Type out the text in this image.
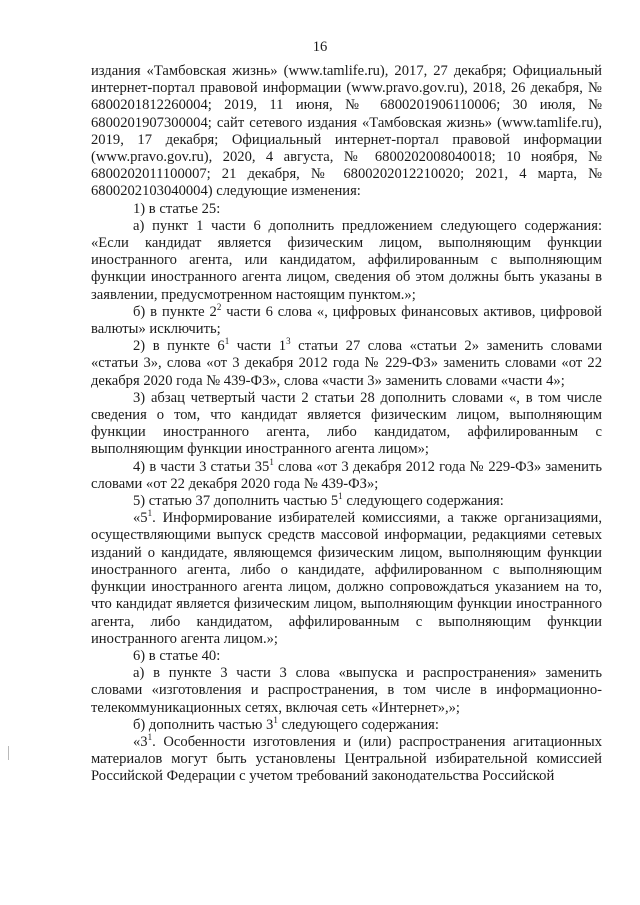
16

издания «Тамбовская жизнь» (www.tamlife.ru), 2017, 27 декабря; Официальный интернет-портал правовой информации (www.pravo.gov.ru), 2018, 26 декабря, № 6800201812260004; 2019, 11 июня, № 6800201906110006; 30 июля, № 6800201907300004; сайт сетевого издания «Тамбовская жизнь» (www.tamlife.ru), 2019, 17 декабря; Официальный интернет-портал правовой информации (www.pravo.gov.ru), 2020, 4 августа, № 6800202008040018; 10 ноября, № 6800202011100007; 21 декабря, № 6800202012210020; 2021, 4 марта, № 6800202103040004) следующие изменения:

1) в статье 25:

а) пункт 1 части 6 дополнить предложением следующего содержания: «Если кандидат является физическим лицом, выполняющим функции иностранного агента, или кандидатом, аффилированным с выполняющим функции иностранного агента лицом, сведения об этом должны быть указаны в заявлении, предусмотренном настоящим пунктом.»;

б) в пункте $2^2$ части 6 слова «, цифровых финансовых активов, цифровой валюты» исключить;

2) в пункте $6^1$ части $1^3$ статьи 27 слова «статьи 2» заменить словами «статьи 3», слова «от 3 декабря 2012 года № 229-ФЗ» заменить словами «от 22 декабря 2020 года № 439-ФЗ», слова «части 3» заменить словами «части 4»;

3) абзац четвертый части 2 статьи 28 дополнить словами «, в том числе сведения о том, что кандидат является физическим лицом, выполняющим функции иностранного агента, либо кандидатом, аффилированным с выполняющим функции иностранного агента лицом»;

4) в части 3 статьи $35^1$ слова «от 3 декабря 2012 года № 229-ФЗ» заменить словами «от 22 декабря 2020 года № 439-ФЗ»;

5) статью 37 дополнить частью $5^1$ следующего содержания:

«$5^1$. Информирование избирателей комиссиями, а также организациями, осуществляющими выпуск средств массовой информации, редакциями сетевых изданий о кандидате, являющемся физическим лицом, выполняющим функции иностранного агента, либо о кандидате, аффилированном с выполняющим функции иностранного агента лицом, должно сопровождаться указанием на то, что кандидат является физическим лицом, выполняющим функции иностранного агента, либо кандидатом, аффилированным с выполняющим функции иностранного агента лицом.»;

6) в статье 40:

а) в пункте 3 части 3 слова «выпуска и распространения» заменить словами «изготовления и распространения, в том числе в информационно-телекоммуникационных сетях, включая сеть «Интернет»,»;

б) дополнить частью $3^1$ следующего содержания:

«$3^1$. Особенности изготовления и (или) распространения агитационных материалов могут быть установлены Центральной избирательной комиссией Российской Федерации с учетом требований законодательства Российской
